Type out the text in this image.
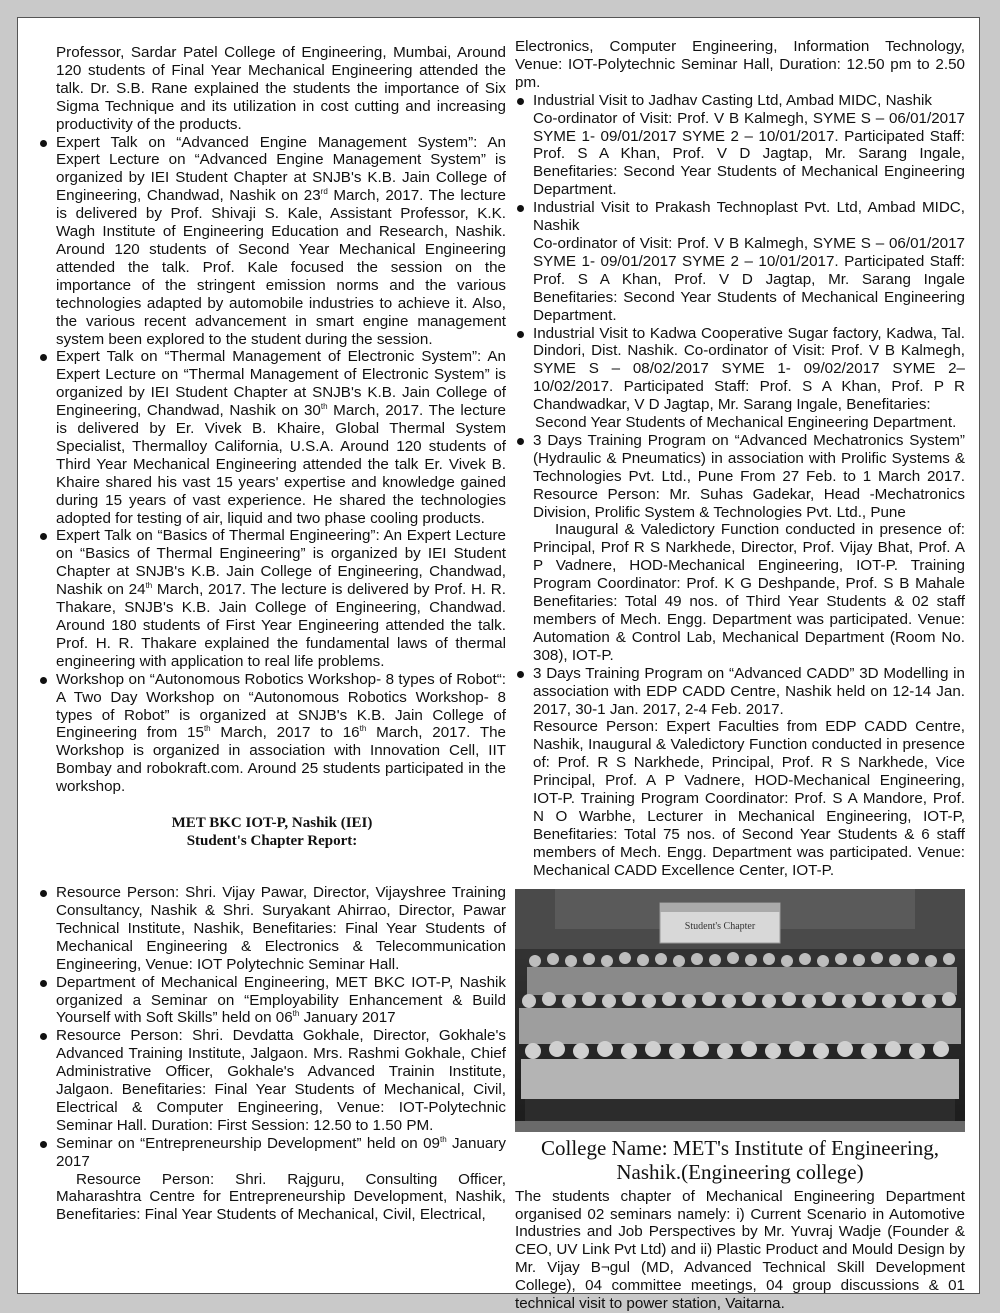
Professor, Sardar Patel College of Engineering, Mumbai, Around 120 students of Final Year Mechanical Engineering attended the talk. Dr. S.B. Rane explained the students the importance of Six Sigma Technique and its utilization in cost cutting and increasing productivity of the products.

Expert Talk on “Advanced Engine Management System”: An Expert Lecture on “Advanced Engine Management System” is organized by IEI Student Chapter at SNJB's K.B. Jain College of Engineering, Chandwad, Nashik on 23rd March, 2017. The lecture is delivered by Prof. Shivaji S. Kale, Assistant Professor, K.K. Wagh Institute of Engineering Education and Research, Nashik. Around 120 students of Second Year Mechanical Engineering attended the talk. Prof. Kale focused the session on the importance of the stringent emission norms and the various technologies adapted by automobile industries to achieve it. Also, the various recent advancement in smart engine management system been explored to the student during the session.
Expert Talk on “Thermal Management of Electronic System”: An Expert Lecture on “Thermal Management of Electronic System” is organized by IEI Student Chapter at SNJB's K.B. Jain College of Engineering, Chandwad, Nashik on 30th March, 2017. The lecture is delivered by Er. Vivek B. Khaire, Global Thermal System Specialist, Thermalloy California, U.S.A. Around 120 students of Third Year Mechanical Engineering attended the talk Er. Vivek B. Khaire shared his vast 15 years' expertise and knowledge gained during 15 years of vast experience. He shared the technologies adopted for testing of air, liquid and two phase cooling products.
Expert Talk on “Basics of Thermal Engineering”: An Expert Lecture on “Basics of Thermal Engineering” is organized by IEI Student Chapter at SNJB's K.B. Jain College of Engineering, Chandwad, Nashik on 24th March, 2017. The lecture is delivered by Prof. H. R. Thakare, SNJB's K.B. Jain College of Engineering, Chandwad. Around 180 students of First Year Engineering attended the talk. Prof. H. R. Thakare explained the fundamental laws of thermal engineering with application to real life problems.
Workshop on “Autonomous Robotics Workshop- 8 types of Robot“: A Two Day Workshop on “Autonomous Robotics Workshop- 8 types of Robot” is organized at SNJB's K.B. Jain College of Engineering from 15th March, 2017 to 16th March, 2017. The Workshop is organized in association with Innovation Cell, IIT Bombay and robokraft.com. Around 25 students participated in the workshop.

MET BKC IOT-P, Nashik (IEI)

Student's Chapter Report:

Resource Person: Shri. Vijay Pawar, Director, Vijayshree Training Consultancy, Nashik & Shri. Suryakant Ahirrao, Director, Pawar Technical Institute, Nashik, Benefitaries: Final Year Students of Mechanical Engineering & Electronics & Telecommunication Engineering, Venue: IOT Polytechnic Seminar Hall.
Department of Mechanical Engineering, MET BKC IOT-P, Nashik organized a Seminar on “Employability Enhancement & Build Yourself with Soft Skills” held on 06th January 2017
Resource Person: Shri. Devdatta Gokhale, Director, Gokhale's Advanced Training Institute, Jalgaon. Mrs. Rashmi Gokhale, Chief Administrative Officer, Gokhale's Advanced Trainin Institute, Jalgaon. Benefitaries: Final Year Students of Mechanical, Civil, Electrical & Computer Engineering, Venue: IOT-Polytechnic Seminar Hall. Duration: First Session: 12.50 to 1.50 PM.
Seminar on “Entrepreneurship Development” held on 09th January 2017

Resource Person: Shri. Rajguru, Consulting Officer, Maharashtra Centre for Entrepreneurship Development, Nashik, Benefitaries: Final Year Students of Mechanical, Civil, Electrical,

Electronics, Computer Engineering, Information Technology, Venue: IOT-Polytechnic Seminar Hall, Duration: 12.50 pm to 2.50 pm.

Industrial Visit to Jadhav Casting Ltd, Ambad MIDC, Nashik

Co-ordinator of Visit: Prof. V B Kalmegh, SYME S – 06/01/2017 SYME 1- 09/01/2017 SYME 2 – 10/01/2017. Participated Staff: Prof. S A Khan, Prof. V D Jagtap, Mr. Sarang Ingale, Benefitaries: Second Year Students of Mechanical Engineering Department.

Industrial Visit to Prakash Technoplast Pvt. Ltd, Ambad MIDC, Nashik

Co-ordinator of Visit: Prof. V B Kalmegh, SYME S – 06/01/2017 SYME 1- 09/01/2017 SYME 2 – 10/01/2017. Participated Staff: Prof. S A Khan, Prof. V D Jagtap, Mr. Sarang Ingale Benefitaries: Second Year Students of Mechanical Engineering Department.

Industrial Visit to Kadwa Cooperative Sugar factory, Kadwa, Tal. Dindori, Dist. Nashik. Co-ordinator of Visit: Prof. V B Kalmegh, SYME S – 08/02/2017 SYME 1- 09/02/2017 SYME 2–10/02/2017. Participated Staff: Prof. S A Khan, Prof. P R Chandwadkar, V D Jagtap, Mr. Sarang Ingale, Benefitaries:

Second Year Students of Mechanical Engineering Department.

3 Days Training Program on “Advanced Mechatronics System” (Hydraulic & Pneumatics) in association with Prolific Systems & Technologies Pvt. Ltd., Pune From 27 Feb. to 1 March 2017. Resource Person: Mr. Suhas Gadekar, Head -Mechatronics Division, Prolific System & Technologies Pvt. Ltd., Pune

Inaugural & Valedictory Function conducted in presence of: Principal, Prof R S Narkhede, Director, Prof. Vijay Bhat, Prof. A P Vadnere, HOD-Mechanical Engineering, IOT-P. Training Program Coordinator: Prof. K G Deshpande, Prof. S B Mahale Benefitaries: Total 49 nos. of Third Year Students & 02 staff members of Mech. Engg. Department was participated. Venue: Automation & Control Lab, Mechanical Department (Room No. 308), IOT-P.

3 Days Training Program on “Advanced CADD” 3D Modelling in association with EDP CADD Centre, Nashik held on 12-14 Jan. 2017, 30-1 Jan. 2017, 2-4 Feb. 2017.

Resource Person: Expert Faculties from EDP CADD Centre, Nashik, Inaugural & Valedictory Function conducted in presence of: Prof. R S Narkhede, Principal, Prof. R S Narkhede, Vice Principal, Prof. A P Vadnere, HOD-Mechanical Engineering, IOT-P. Training Program Coordinator: Prof. S A Mandore, Prof. N O Warbhe, Lecturer in Mechanical Engineering, IOT-P, Benefitaries: Total 75 nos. of Second Year Students & 6 staff members of Mech. Engg. Department was participated. Venue: Mechanical CADD Excellence Center, IOT-P.

Student's Chapter

College Name: MET's Institute of Engineering, Nashik.(Engineering college)

The students chapter of Mechanical Engineering Department organised 02 seminars namely: i) Current Scenario in Automotive Industries and Job Perspectives by Mr. Yuvraj Wadje (Founder & CEO, UV Link Pvt Ltd) and ii) Plastic Product and Mould Design by Mr. Vijay B¬gul (MD, Advanced Technical Skill Development College), 04 committee meetings, 04 group discussions & 01 technical visit to power station, Vaitarna.
